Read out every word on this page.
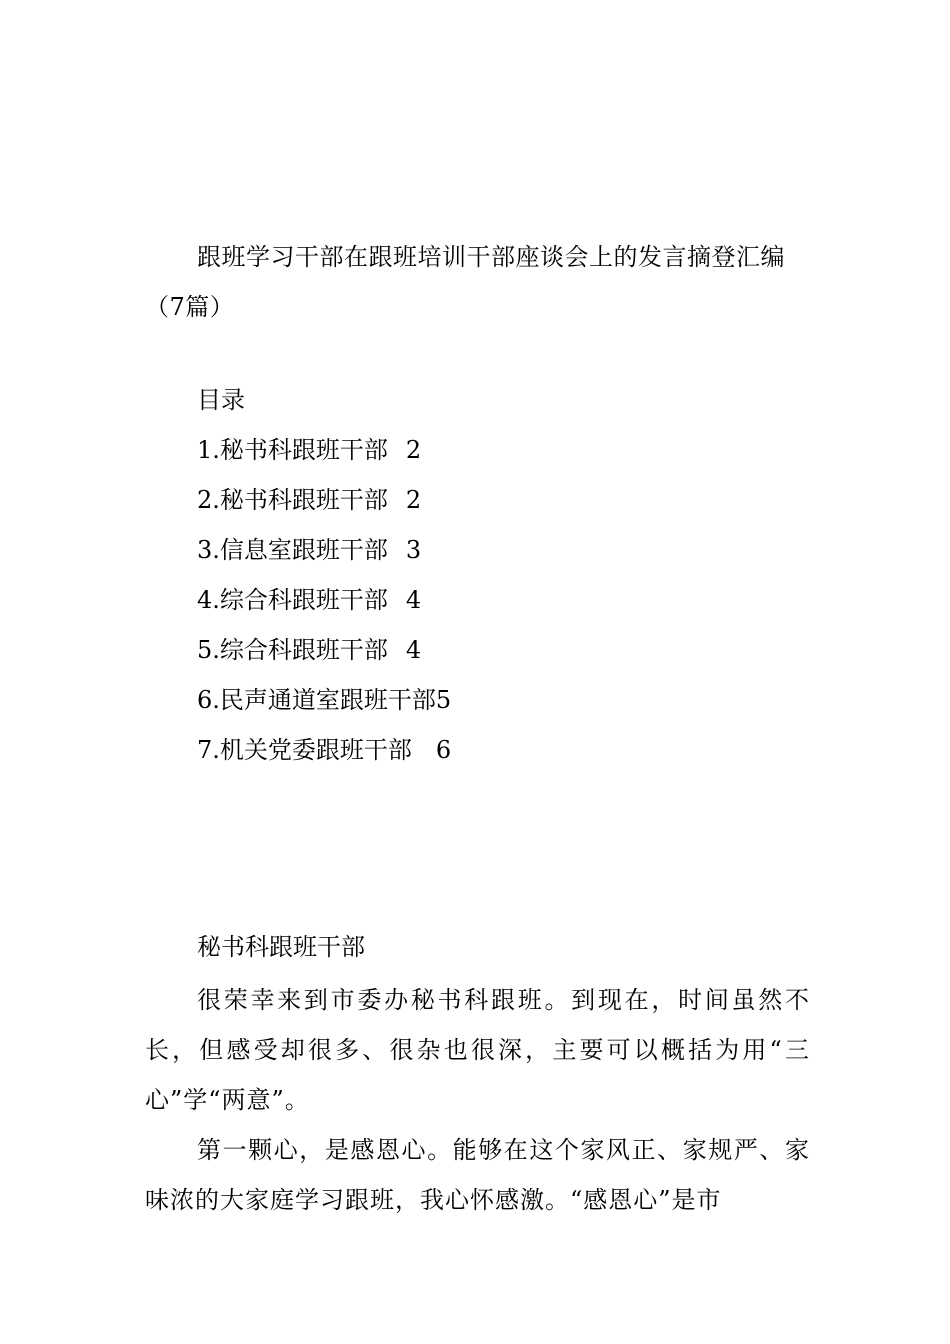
跟班学习干部在跟班培训干部座谈会上的发言摘登汇编（7篇）
目录
1.秘书科跟班干部 2
2.秘书科跟班干部 2
3.信息室跟班干部 3
4.综合科跟班干部 4
5.综合科跟班干部 4
6.民声通道室跟班干部5
7.机关党委跟班干部 6
秘书科跟班干部

很荣幸来到市委办秘书科跟班。到现在，时间虽然不长，但感受却很多、很杂也很深，主要可以概括为用“三心”学“两意”。

第一颗心，是感恩心。能够在这个家风正、家规严、家味浓的大家庭学习跟班，我心怀感激。“感恩心”是市
